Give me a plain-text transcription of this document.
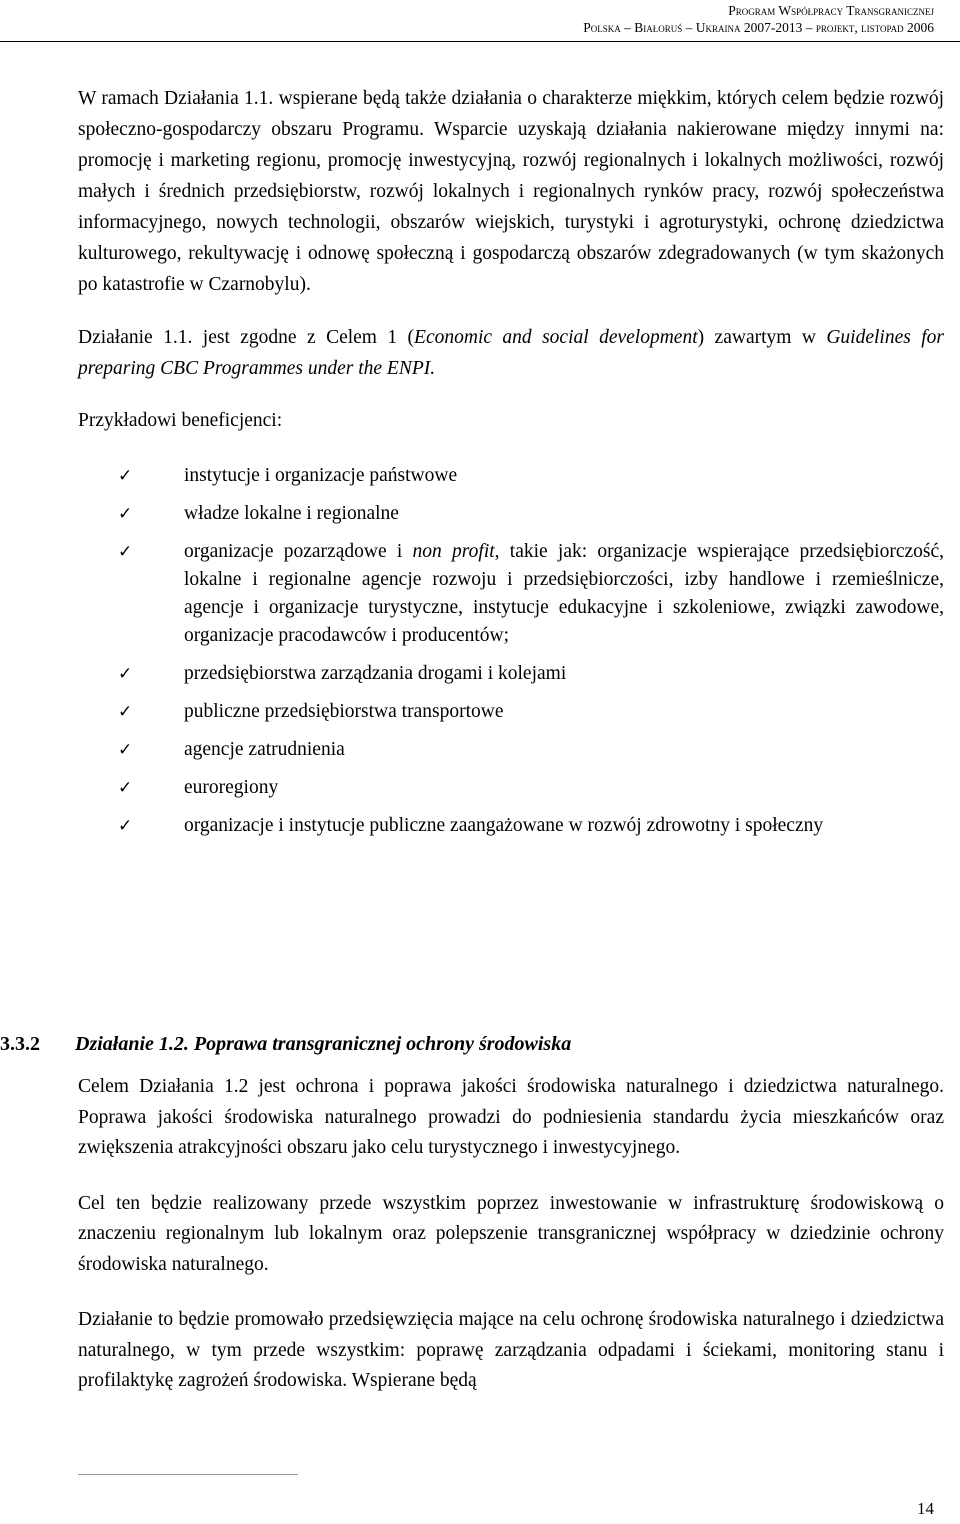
Program Współpracy Transgranicznej
Polska – Białoruś – Ukraina 2007-2013 – projekt, listopad 2006

W ramach Działania 1.1. wspierane będą także działania o charakterze miękkim, których celem będzie rozwój społeczno-gospodarczy obszaru Programu. Wsparcie uzyskają działania nakierowane między innymi na: promocję i marketing regionu, promocję inwestycyjną, rozwój regionalnych i lokalnych możliwości, rozwój małych i średnich przedsiębiorstw, rozwój lokalnych i regionalnych rynków pracy, rozwój społeczeństwa informacyjnego, nowych technologii, obszarów wiejskich, turystyki i agroturystyki, ochronę dziedzictwa kulturowego, rekultywację i odnowę społeczną i gospodarczą obszarów zdegradowanych (w tym skażonych po katastrofie w Czarnobylu).

Działanie 1.1. jest zgodne z Celem 1 (Economic and social development) zawartym w Guidelines for preparing CBC Programmes under the ENPI.

Przykładowi beneficjenci:

✓	instytucje i organizacje państwowe
✓	władze lokalne i regionalne
✓	organizacje pozarządowe i non profit, takie jak: organizacje wspierające przedsiębiorczość, lokalne i regionalne agencje rozwoju i przedsiębiorczości, izby handlowe i rzemieślnicze, agencje i organizacje turystyczne, instytucje edukacyjne i szkoleniowe, związki zawodowe, organizacje pracodawców i producentów;
✓	przedsiębiorstwa zarządzania drogami i kolejami
✓	publiczne przedsiębiorstwa transportowe
✓	agencje zatrudnienia
✓	euroregiony
✓	organizacje i instytucje publiczne zaangażowane w rozwój zdrowotny i społeczny
3.3.2 Działanie 1.2. Poprawa transgranicznej ochrony środowiska

Celem Działania 1.2 jest ochrona i poprawa jakości środowiska naturalnego i dziedzictwa naturalnego. Poprawa jakości środowiska naturalnego prowadzi do podniesienia standardu życia mieszkańców oraz zwiększenia atrakcyjności obszaru jako celu turystycznego i inwestycyjnego.

Cel ten będzie realizowany przede wszystkim poprzez inwestowanie w infrastrukturę środowiskową o znaczeniu regionalnym lub lokalnym oraz polepszenie transgranicznej współpracy w dziedzinie ochrony środowiska naturalnego.

Działanie to będzie promowało przedsięwzięcia mające na celu ochronę środowiska naturalnego i dziedzictwa naturalnego, w tym przede wszystkim: poprawę zarządzania odpadami i ściekami, monitoring stanu i profilaktykę zagrożeń środowiska. Wspierane będą

14
